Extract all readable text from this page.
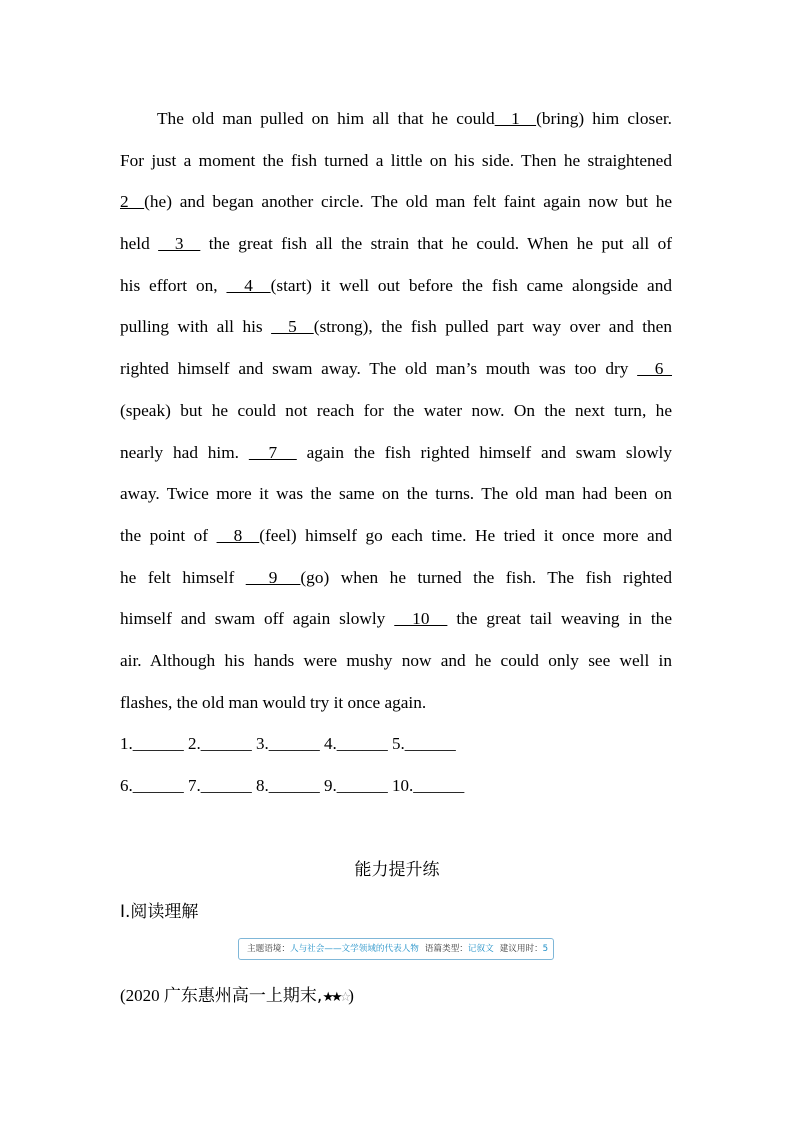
The old man pulled on him all that he could  1  (bring) him closer.
For just a moment the fish turned a little on his side. Then he straightened
2  (he) and began another circle. The old man felt faint again now but he
held   3   the great fish all the strain that he could. When he put all of
his effort on,   4  (start) it well out before the fish came alongside and
pulling with all his   5  (strong), the fish pulled part way over and then
righted himself and swam away. The old man’s mouth was too dry   6
(speak) but he could not reach for the water now. On the next turn, he
nearly had him.   7   again the fish righted himself and swam slowly
away. Twice more it was the same on the turns. The old man had been on
the point of   8  (feel) himself go each time. He tried it once more and
he felt himself   9  (go) when he turned the fish. The fish righted
himself and swam off again slowly   10   the great tail weaving in the
air. Although his hands were mushy now and he could only see well in
flashes, the old man would try it once again.
1.______ 2.______ 3.______ 4.______ 5.______
6.______ 7.______ 8.______ 9.______ 10.______
能力提升练
Ⅰ.阅读理解
主题语境：人与社会——文学领域的代表人物 语篇类型：记叙文 建议用时：5
(2020 广东惠州高一上期末,★★☆)
